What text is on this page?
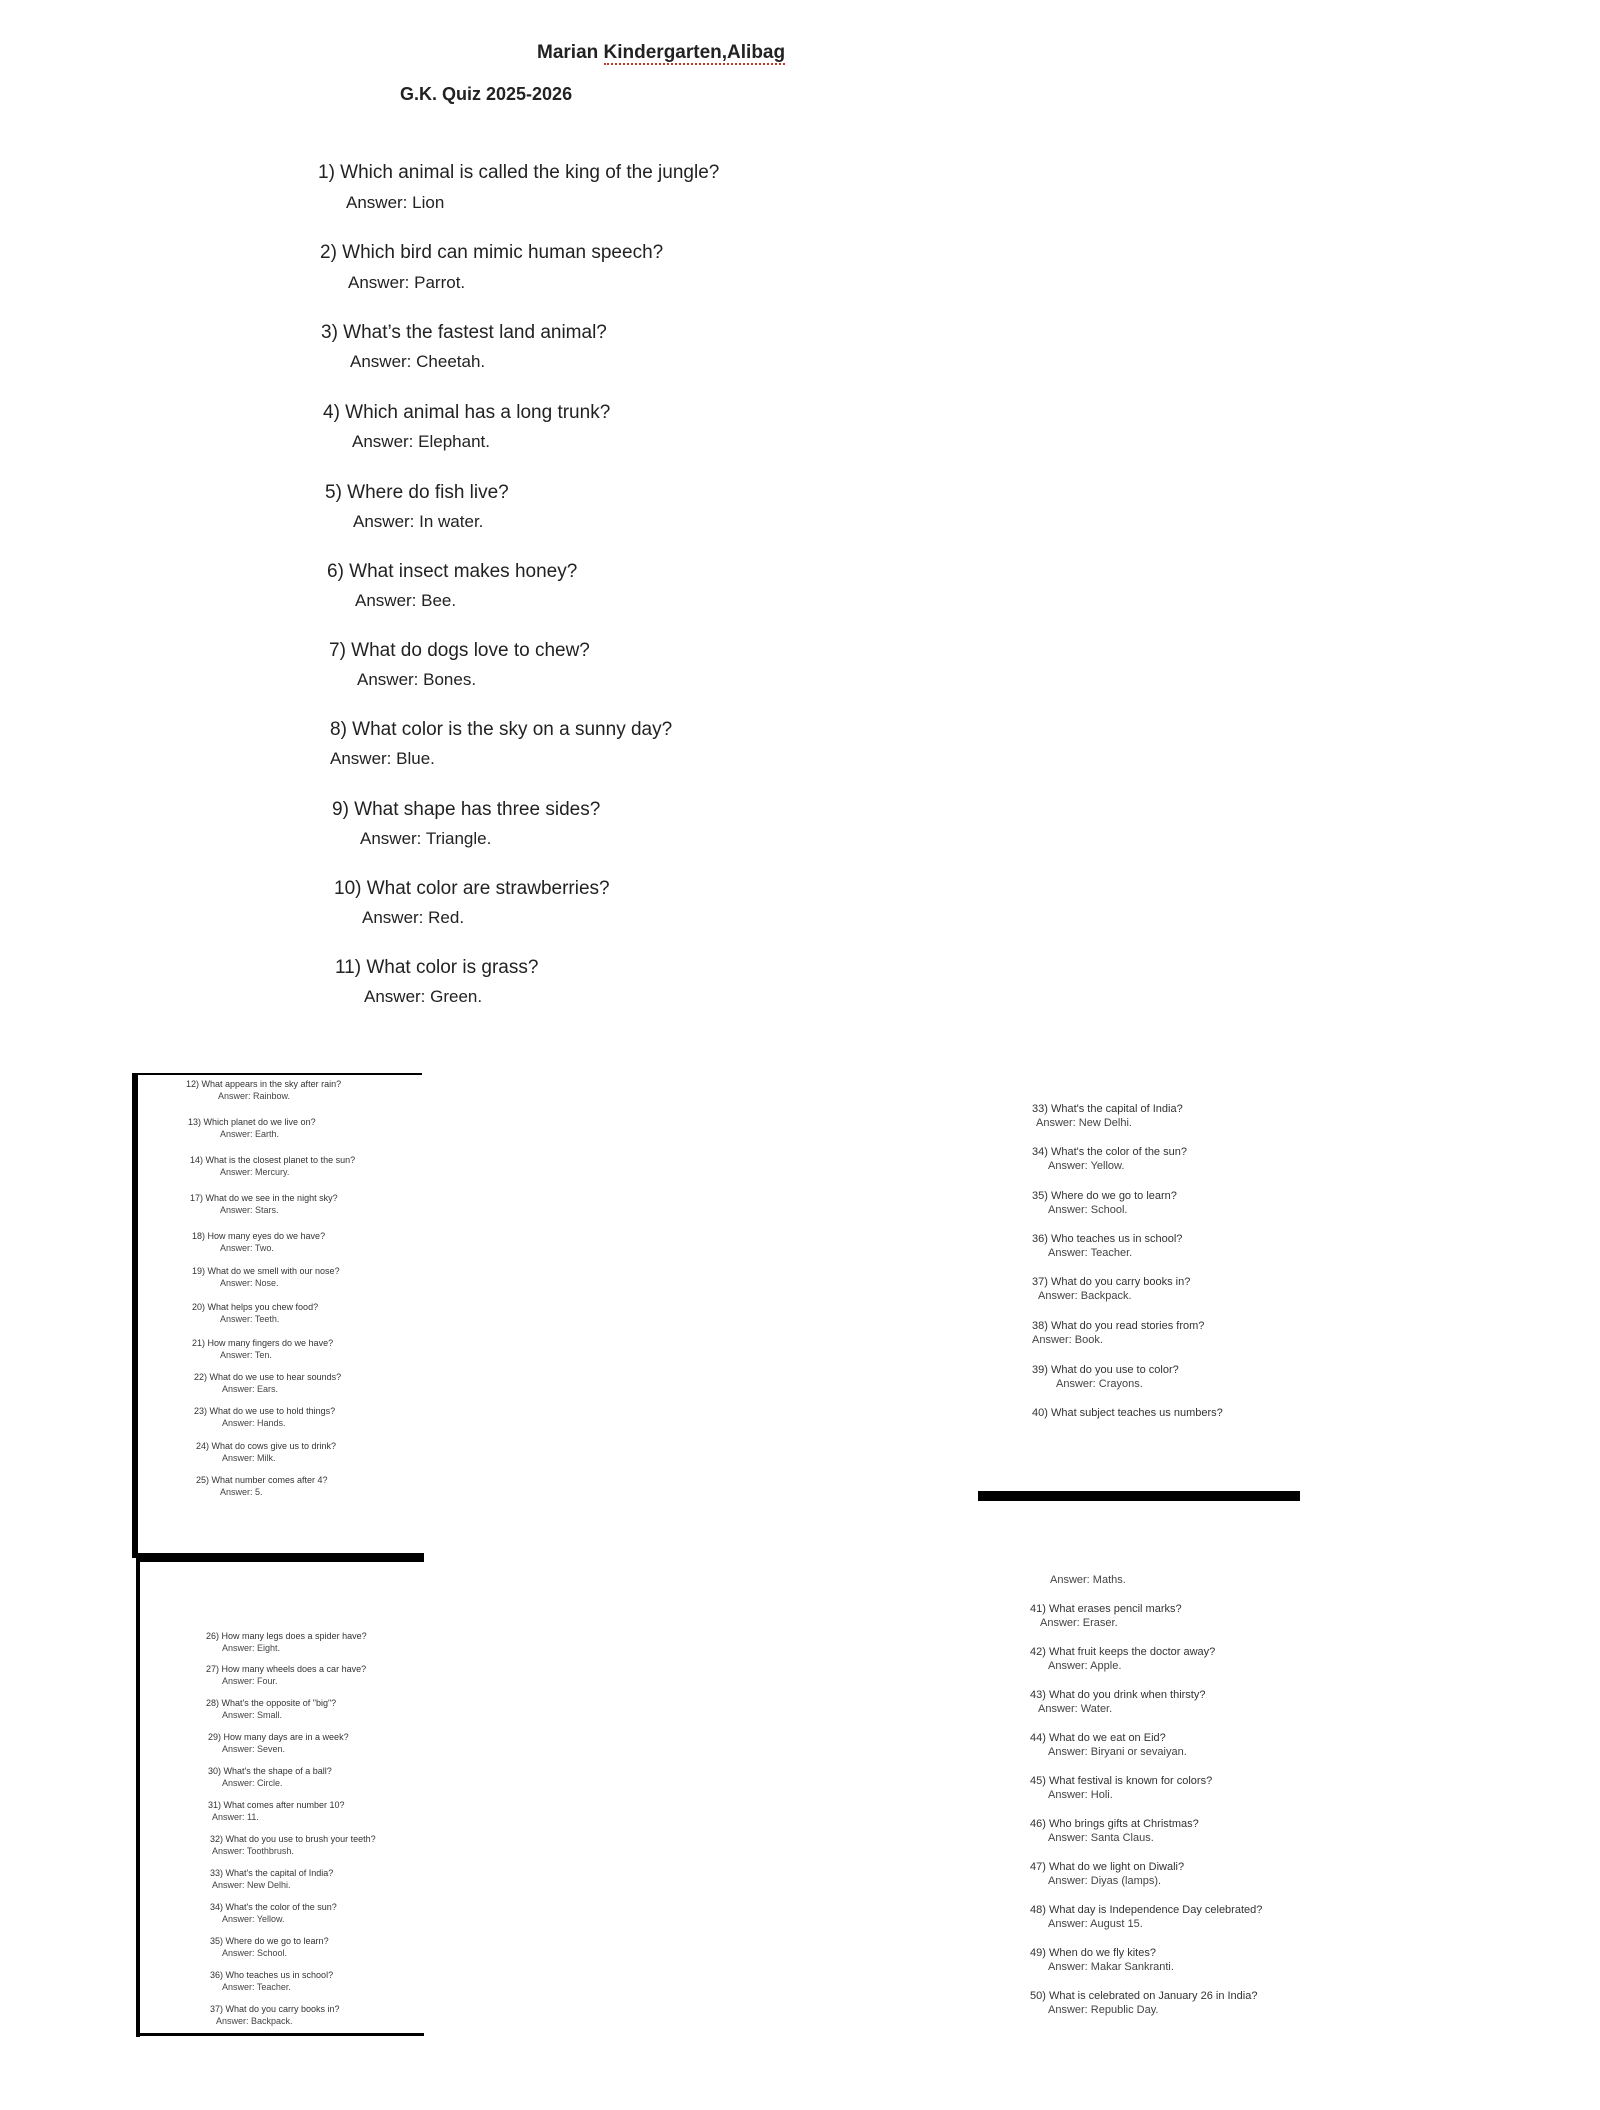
Marian Kindergarten,Alibag
G.K. Quiz 2025-2026
1) Which animal is called the king of the jungle?
Answer: Lion
2) Which bird can mimic human speech?
Answer: Parrot.
3) What’s the fastest land animal?
Answer: Cheetah.
4) Which animal has a long trunk?
Answer: Elephant.
5) Where do fish live?
Answer: In water.
6) What insect makes honey?
Answer: Bee.
7) What do dogs love to chew?
Answer: Bones.
8) What color is the sky on a sunny day?
Answer: Blue.
9) What shape has three sides?
Answer: Triangle.
10) What color are strawberries?
Answer: Red.
11) What color is grass?
Answer: Green.
12) What appears in the sky after rain?
Answer: Rainbow.
13) Which planet do we live on?
Answer: Earth.
14) What is the closest planet to the sun?
Answer: Mercury.
17) What do we see in the night sky?
Answer: Stars.
18) How many eyes do we have?
Answer: Two.
19) What do we smell with our nose?
Answer: Nose.
20) What helps you chew food?
Answer: Teeth.
21) How many fingers do we have?
Answer: Ten.
22) What do we use to hear sounds?
Answer: Ears.
23) What do we use to hold things?
Answer: Hands.
24) What do cows give us to drink?
Answer: Milk.
25) What number comes after 4?
Answer: 5.
26) How many legs does a spider have?
Answer: Eight.
27) How many wheels does a car have?
Answer: Four.
28) What's the opposite of "big"?
Answer: Small.
29) How many days are in a week?
Answer: Seven.
30) What's the shape of a ball?
Answer: Circle.
31) What comes after number 10?
Answer: 11.
32) What do you use to brush your teeth?
Answer: Toothbrush.
33) What's the capital of India?
Answer: New Delhi.
34) What's the color of the sun?
Answer: Yellow.
35) Where do we go to learn?
Answer: School.
36) Who teaches us in school?
Answer: Teacher.
37) What do you carry books in?
Answer: Backpack.
33) What's the capital of India?
Answer: New Delhi.
34) What's the color of the sun?
Answer: Yellow.
35) Where do we go to learn?
Answer: School.
36) Who teaches us in school?
Answer: Teacher.
37) What do you carry books in?
Answer: Backpack.
38) What do you read stories from?
Answer: Book.
39) What do you use to color?
Answer: Crayons.
40) What subject teaches us numbers?
Answer: Maths.
41) What erases pencil marks?
Answer: Eraser.
42) What fruit keeps the doctor away?
Answer: Apple.
43) What do you drink when thirsty?
Answer: Water.
44) What do we eat on Eid?
Answer: Biryani or sevaiyan.
45) What festival is known for colors?
Answer: Holi.
46) Who brings gifts at Christmas?
Answer: Santa Claus.
47) What do we light on Diwali?
Answer: Diyas (lamps).
48) What day is Independence Day celebrated?
Answer: August 15.
49) When do we fly kites?
Answer: Makar Sankranti.
50) What is celebrated on January 26 in India?
Answer: Republic Day.
